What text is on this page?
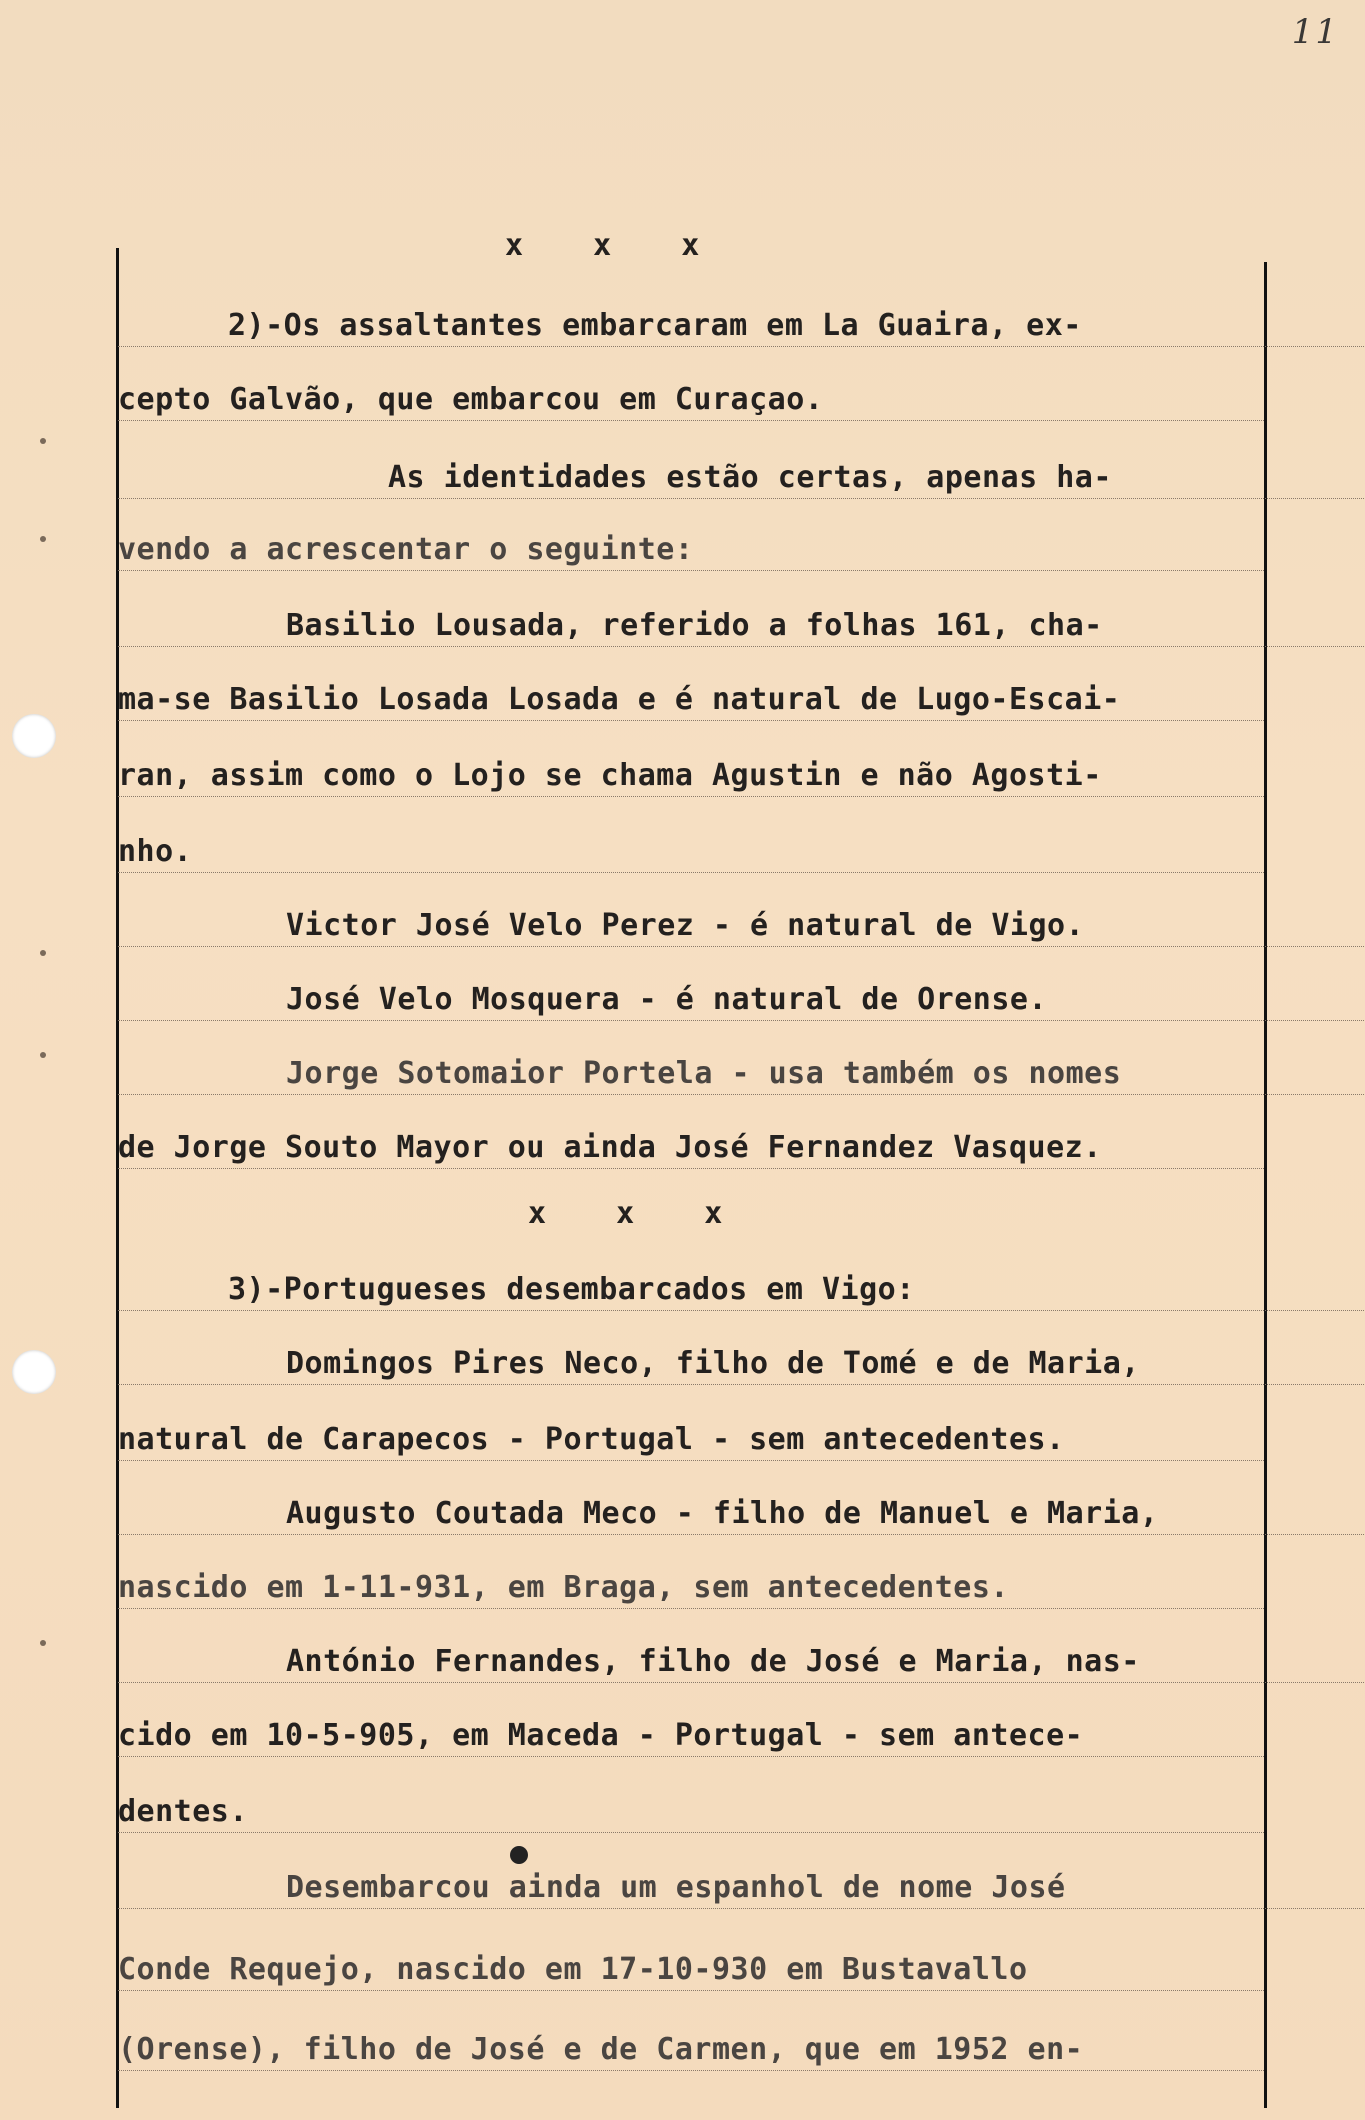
11
x x x
2)-Os assaltantes embarcaram em La Guaira, ex-
cepto Galvão, que embarcou em Curaçao.
As identidades estão certas, apenas ha-
vendo a acrescentar o seguinte:
Basilio Lousada, referido a folhas 161, cha-
ma-se Basilio Losada Losada e é natural de Lugo-Escai-
ran, assim como o Lojo se chama Agustin e não Agosti-
nho.
Victor José Velo Perez - é natural de Vigo.
José Velo Mosquera - é natural de Orense.
Jorge Sotomaior Portela - usa também os nomes
de Jorge Souto Mayor ou ainda José Fernandez Vasquez.
x x x
3)-Portugueses desembarcados em Vigo:
Domingos Pires Neco, filho de Tomé e de Maria,
natural de Carapecos - Portugal - sem antecedentes.
Augusto Coutada Meco - filho de Manuel e Maria,
nascido em 1-11-931, em Braga, sem antecedentes.
António Fernandes, filho de José e Maria, nas-
cido em 10-5-905, em Maceda - Portugal - sem antece-
dentes.
Desembarcou ainda um espanhol de nome José
Conde Requejo, nascido em 17-10-930 em Bustavallo
(Orense), filho de José e de Carmen, que em 1952 en-
